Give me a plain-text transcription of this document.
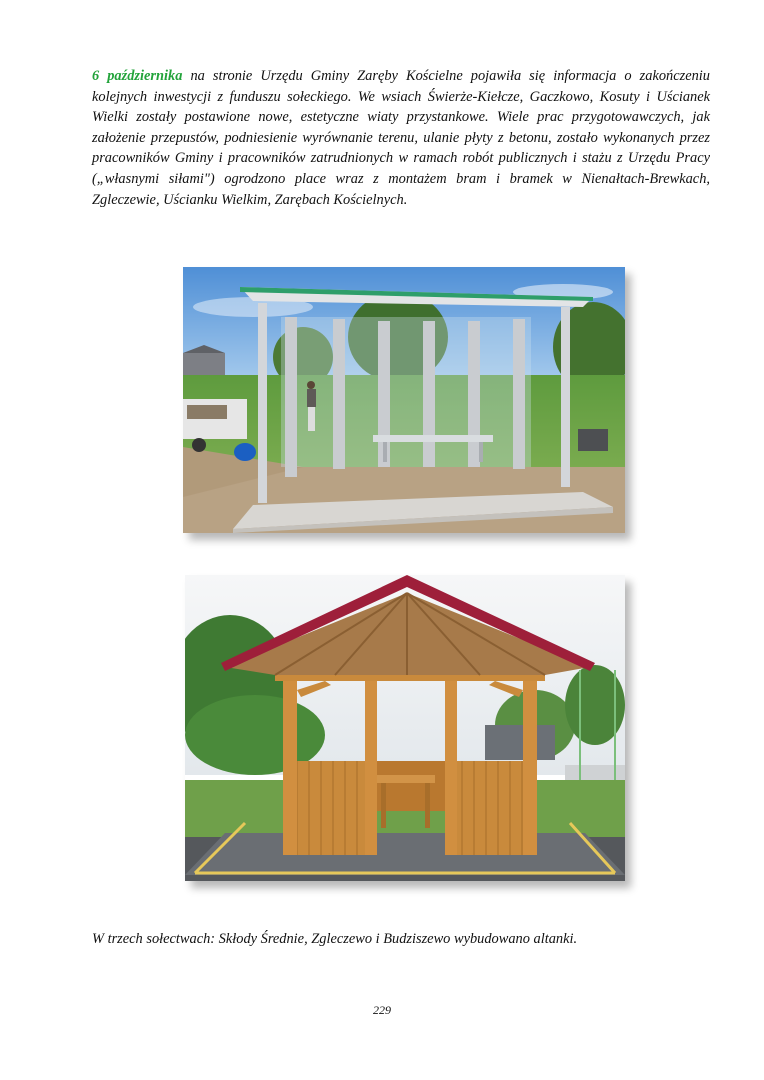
6 października na stronie Urzędu Gminy Zaręby Kościelne pojawiła się informacja o zakończeniu kolejnych inwestycji z funduszu sołeckiego. We wsiach Świerże-Kiełcze, Gaczkowo, Kosuty i Uścianek Wielki zostały postawione nowe, estetyczne wiaty przystankowe. Wiele prac przygotowawczych, jak założenie przepustów, podniesienie wyrównanie terenu, ulanie płyty z betonu, zostało wykonanych przez pracowników Gminy i pracowników zatrudnionych w ramach robót publicznych i stażu z Urzędu Pracy („własnymi siłami") ogrodzono place wraz z montażem bram i bramek w Nienałtach-Brewkach, Zgleczewie, Uścianku Wielkim, Zarębach Kościelnych.
W trzech sołectwach: Skłody Średnie, Zgleczewo i Budziszewo wybudowano altanki.
229
